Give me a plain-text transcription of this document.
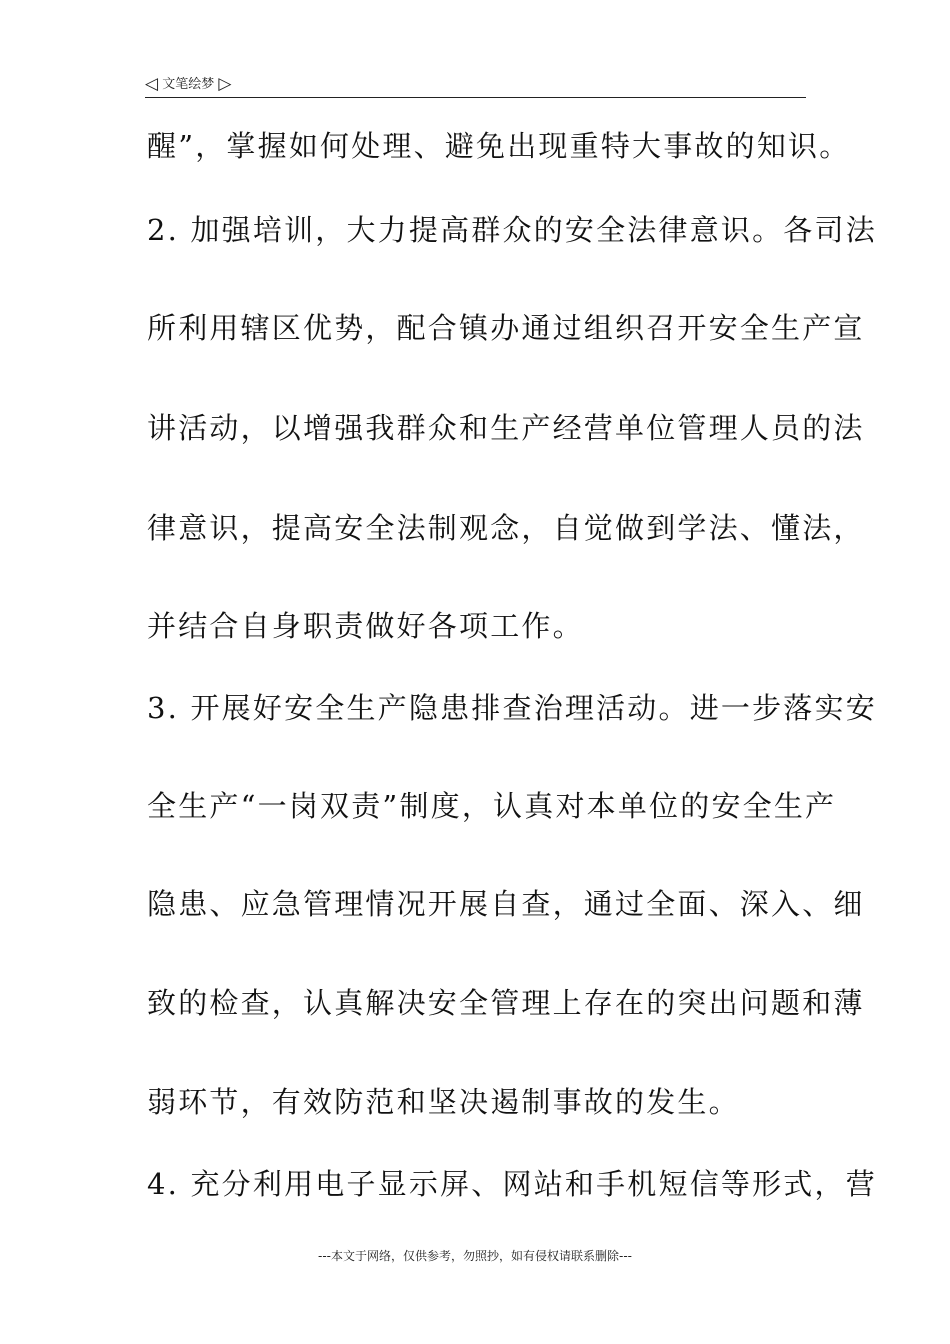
◁ 文笔绘梦 ▷
醒”，掌握如何处理、避免出现重特大事故的知识。
2. 加强培训，大力提高群众的安全法律意识。各司法
所利用辖区优势，配合镇办通过组织召开安全生产宣
讲活动，以增强我群众和生产经营单位管理人员的法
律意识，提高安全法制观念，自觉做到学法、懂法，
并结合自身职责做好各项工作。
3. 开展好安全生产隐患排查治理活动。进一步落实安
全生产“一岗双责”制度，认真对本单位的安全生产
隐患、应急管理情况开展自查，通过全面、深入、细
致的检查，认真解决安全管理上存在的突出问题和薄
弱环节，有效防范和坚决遏制事故的发生。
4. 充分利用电子显示屏、网站和手机短信等形式，营
---本文于网络，仅供参考，勿照抄，如有侵权请联系删除---
